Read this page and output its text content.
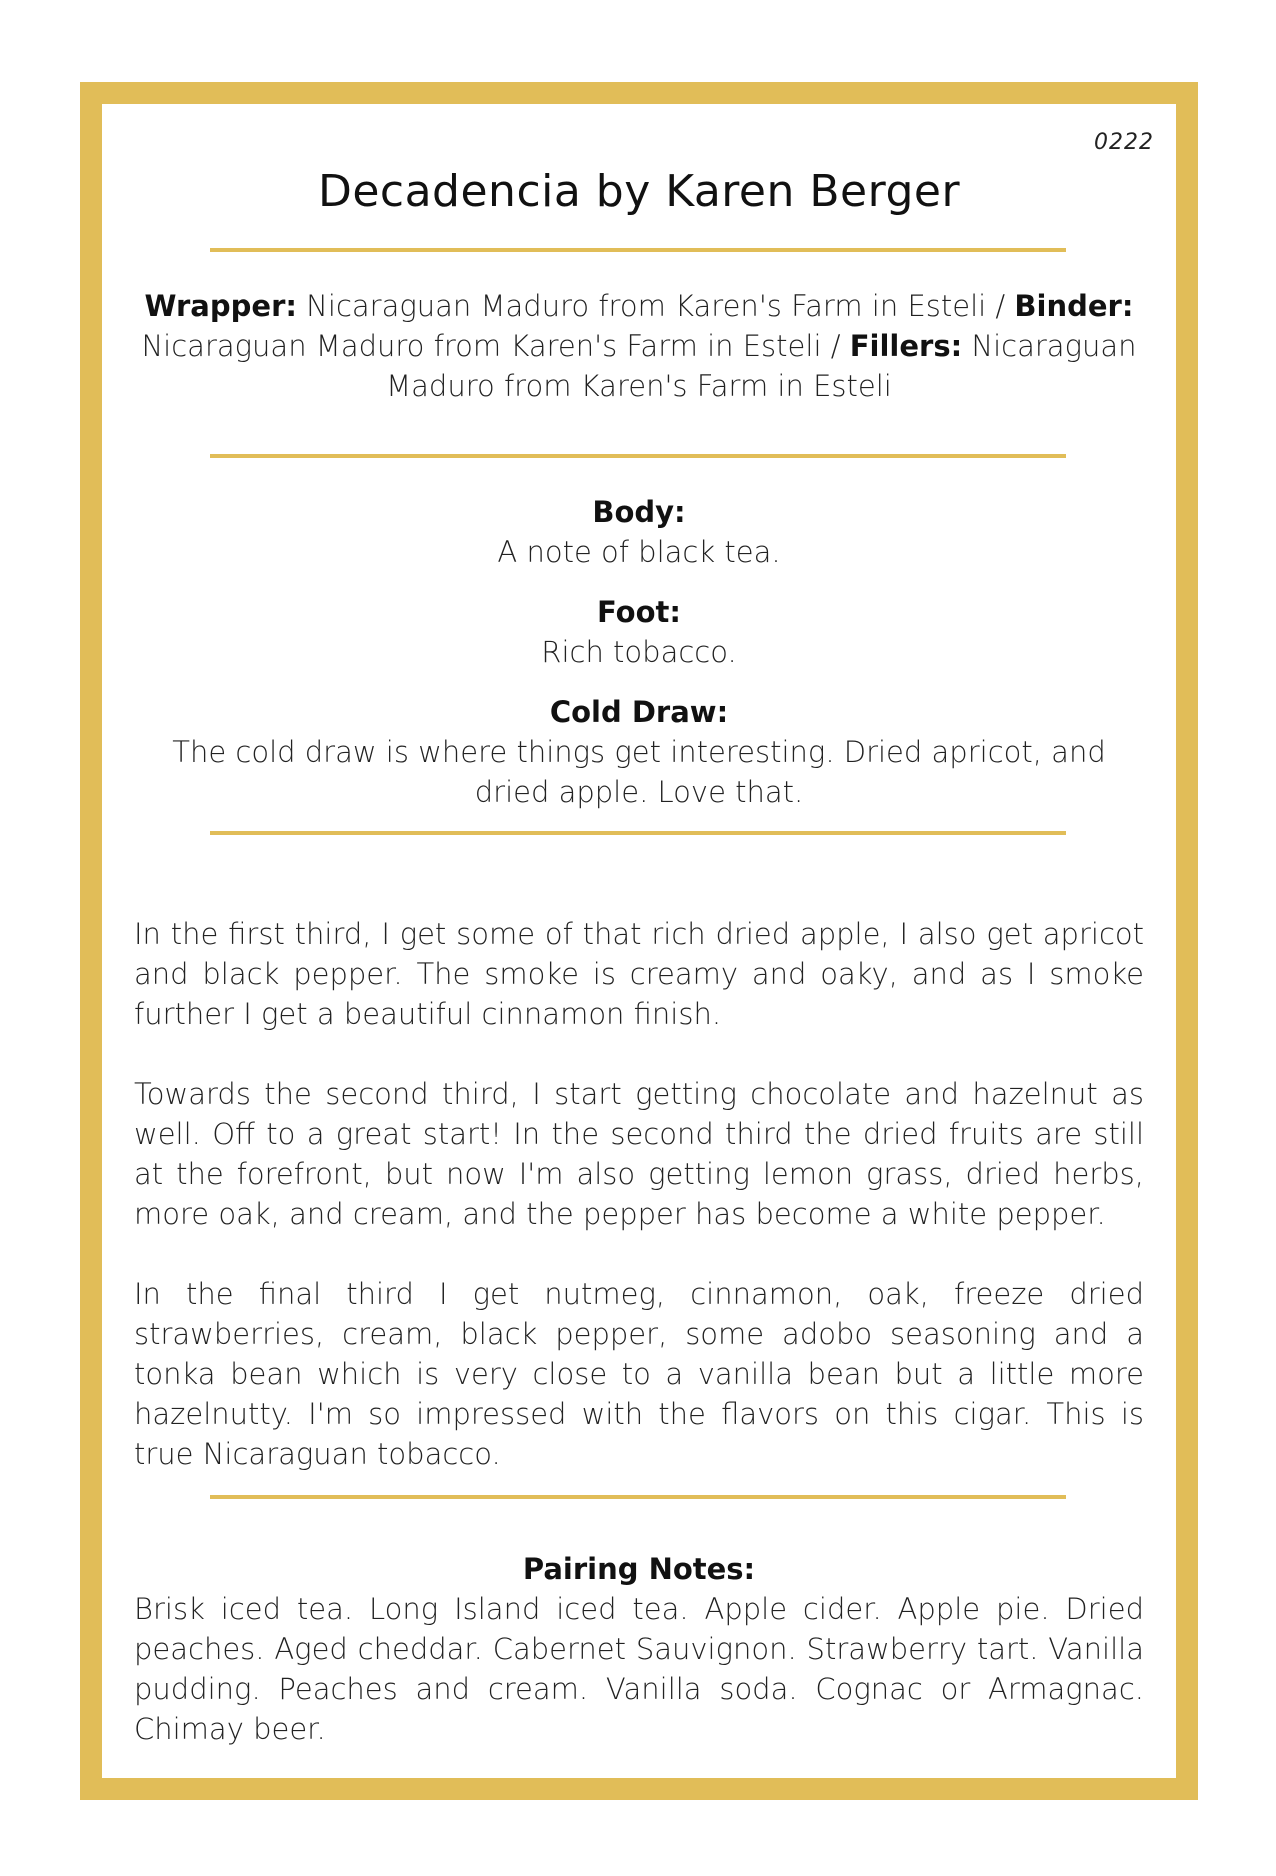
0222
Decadencia by Karen Berger
Wrapper: Nicaraguan Maduro from Karen's Farm in Esteli / Binder: Nicaraguan Maduro from Karen's Farm in Esteli / Fillers: Nicaraguan Maduro from Karen's Farm in Esteli
Body:
A note of black tea.
Foot:
Rich tobacco.
Cold Draw:
The cold draw is where things get interesting. Dried apricot, and dried apple. Love that.

In the first third, I get some of that rich dried apple, I also get apricot and black pepper. The smoke is creamy and oaky, and as I smoke further I get a beautiful cinnamon finish.

Towards the second third, I start getting chocolate and hazelnut as well. Off to a great start! In the second third the dried fruits are still at the forefront, but now I'm also getting lemon grass, dried herbs, more oak, and cream, and the pepper has become a white pepper.

In the final third I get nutmeg, cinnamon, oak, freeze dried strawberries, cream, black pepper, some adobo seasoning and a tonka bean which is very close to a vanilla bean but a little more hazelnutty. I'm so impressed with the flavors on this cigar. This is true Nicaraguan tobacco.

Pairing Notes:
Brisk iced tea. Long Island iced tea. Apple cider. Apple pie. Dried peaches. Aged cheddar. Cabernet Sauvignon. Strawberry tart. Vanilla pudding. Peaches and cream. Vanilla soda. Cognac or Armagnac. Chimay beer.
